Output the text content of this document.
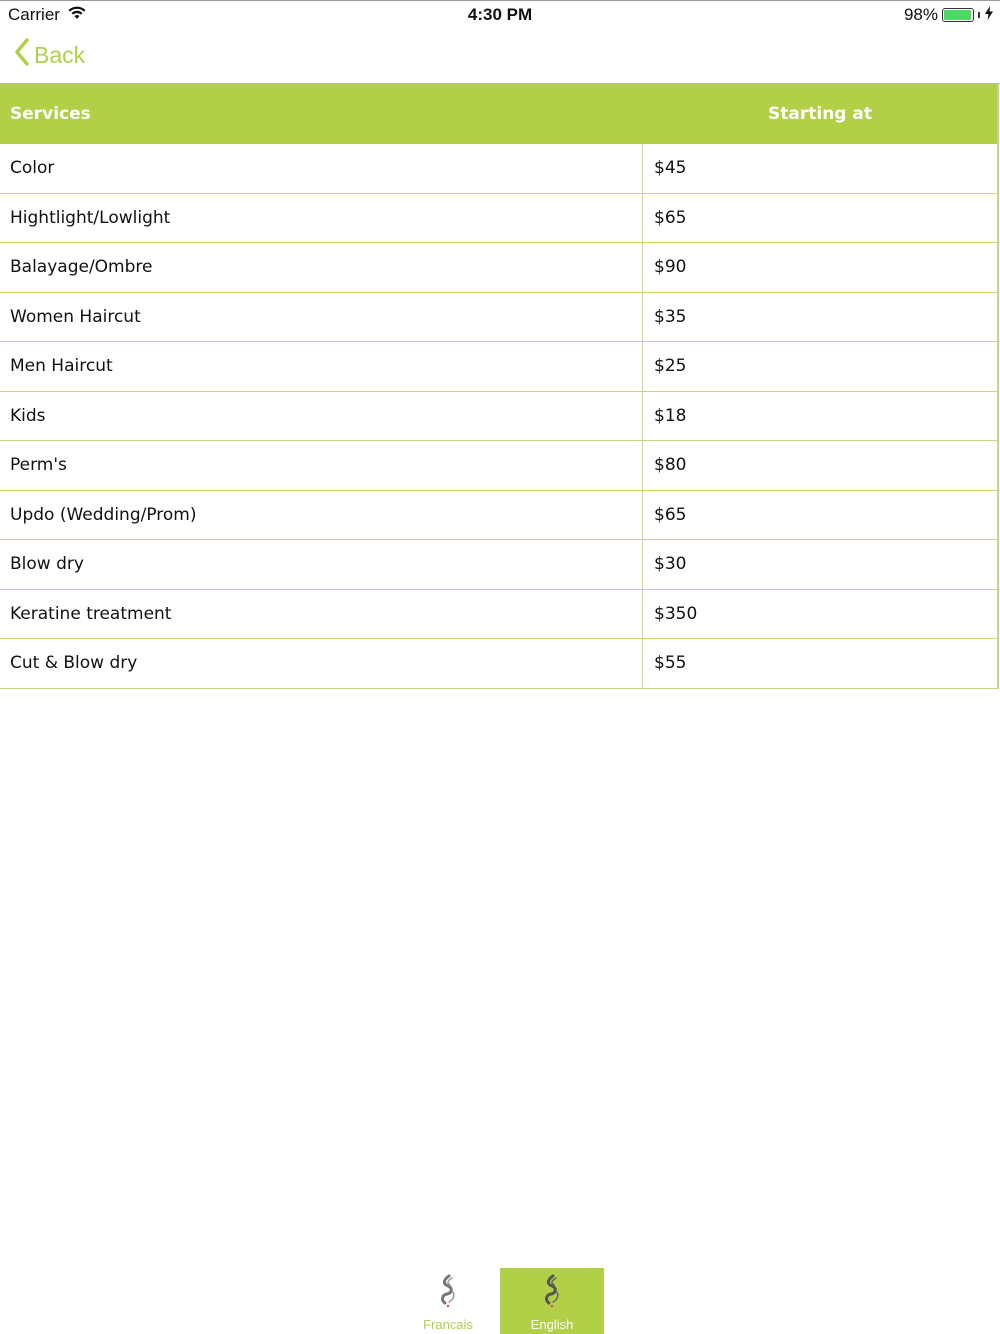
Carrier	4:30 PM	98%
Back
Services	Starting at
Color	$45
Hightlight/Lowlight	$65
Balayage/Ombre	$90
Women Haircut	$35
Men Haircut	$25
Kids	$18
Perm's	$80
Updo (Wedding/Prom)	$65
Blow dry	$30
Keratine treatment	$350
Cut & Blow dry	$55
Francais	English
